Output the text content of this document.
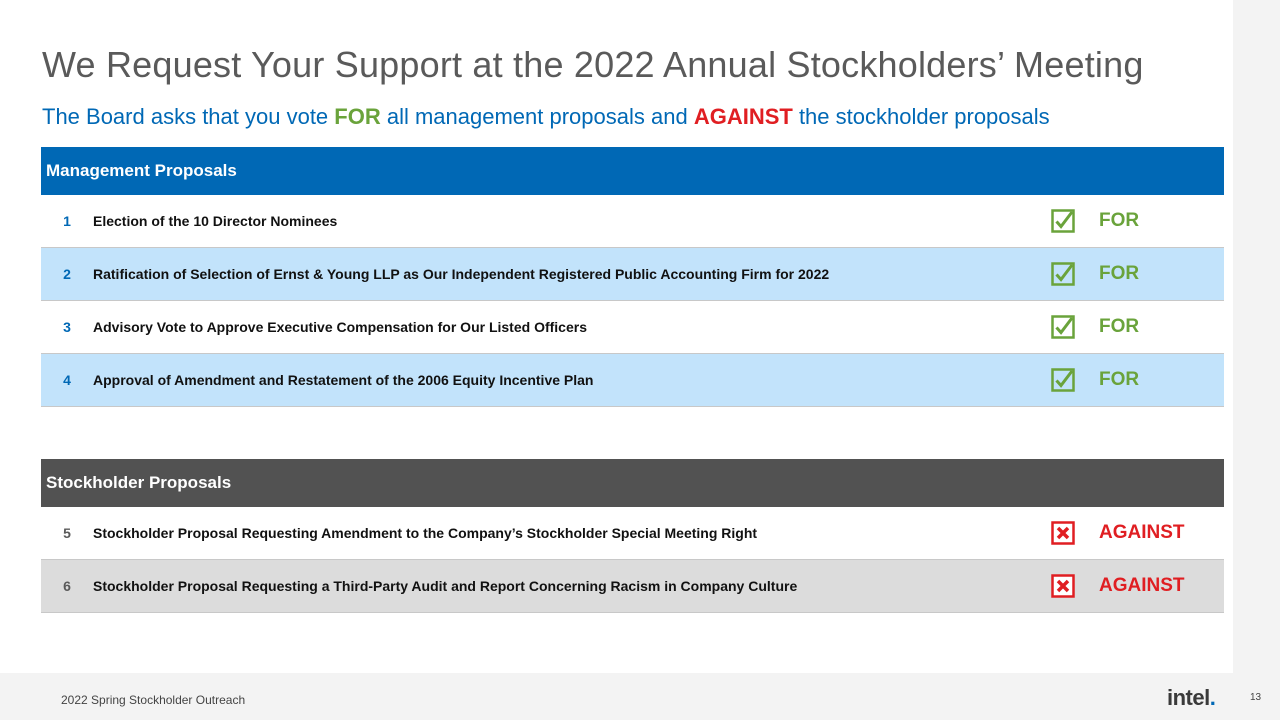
We Request Your Support at the 2022 Annual Stockholders’ Meeting
The Board asks that you vote FOR all management proposals and AGAINST the stockholder proposals
Management Proposals
1	Election of the 10 Director Nominees	FOR
2	Ratification of Selection of Ernst & Young LLP as Our Independent Registered Public Accounting Firm for 2022	FOR
3	Advisory Vote to Approve Executive Compensation for Our Listed Officers	FOR
4	Approval of Amendment and Restatement of the 2006 Equity Incentive Plan	FOR
Stockholder Proposals
5	Stockholder Proposal Requesting Amendment to the Company’s Stockholder Special Meeting Right	AGAINST
6	Stockholder Proposal Requesting a Third-Party Audit and Report Concerning Racism in Company Culture	AGAINST
2022 Spring Stockholder Outreach	intel.	13
